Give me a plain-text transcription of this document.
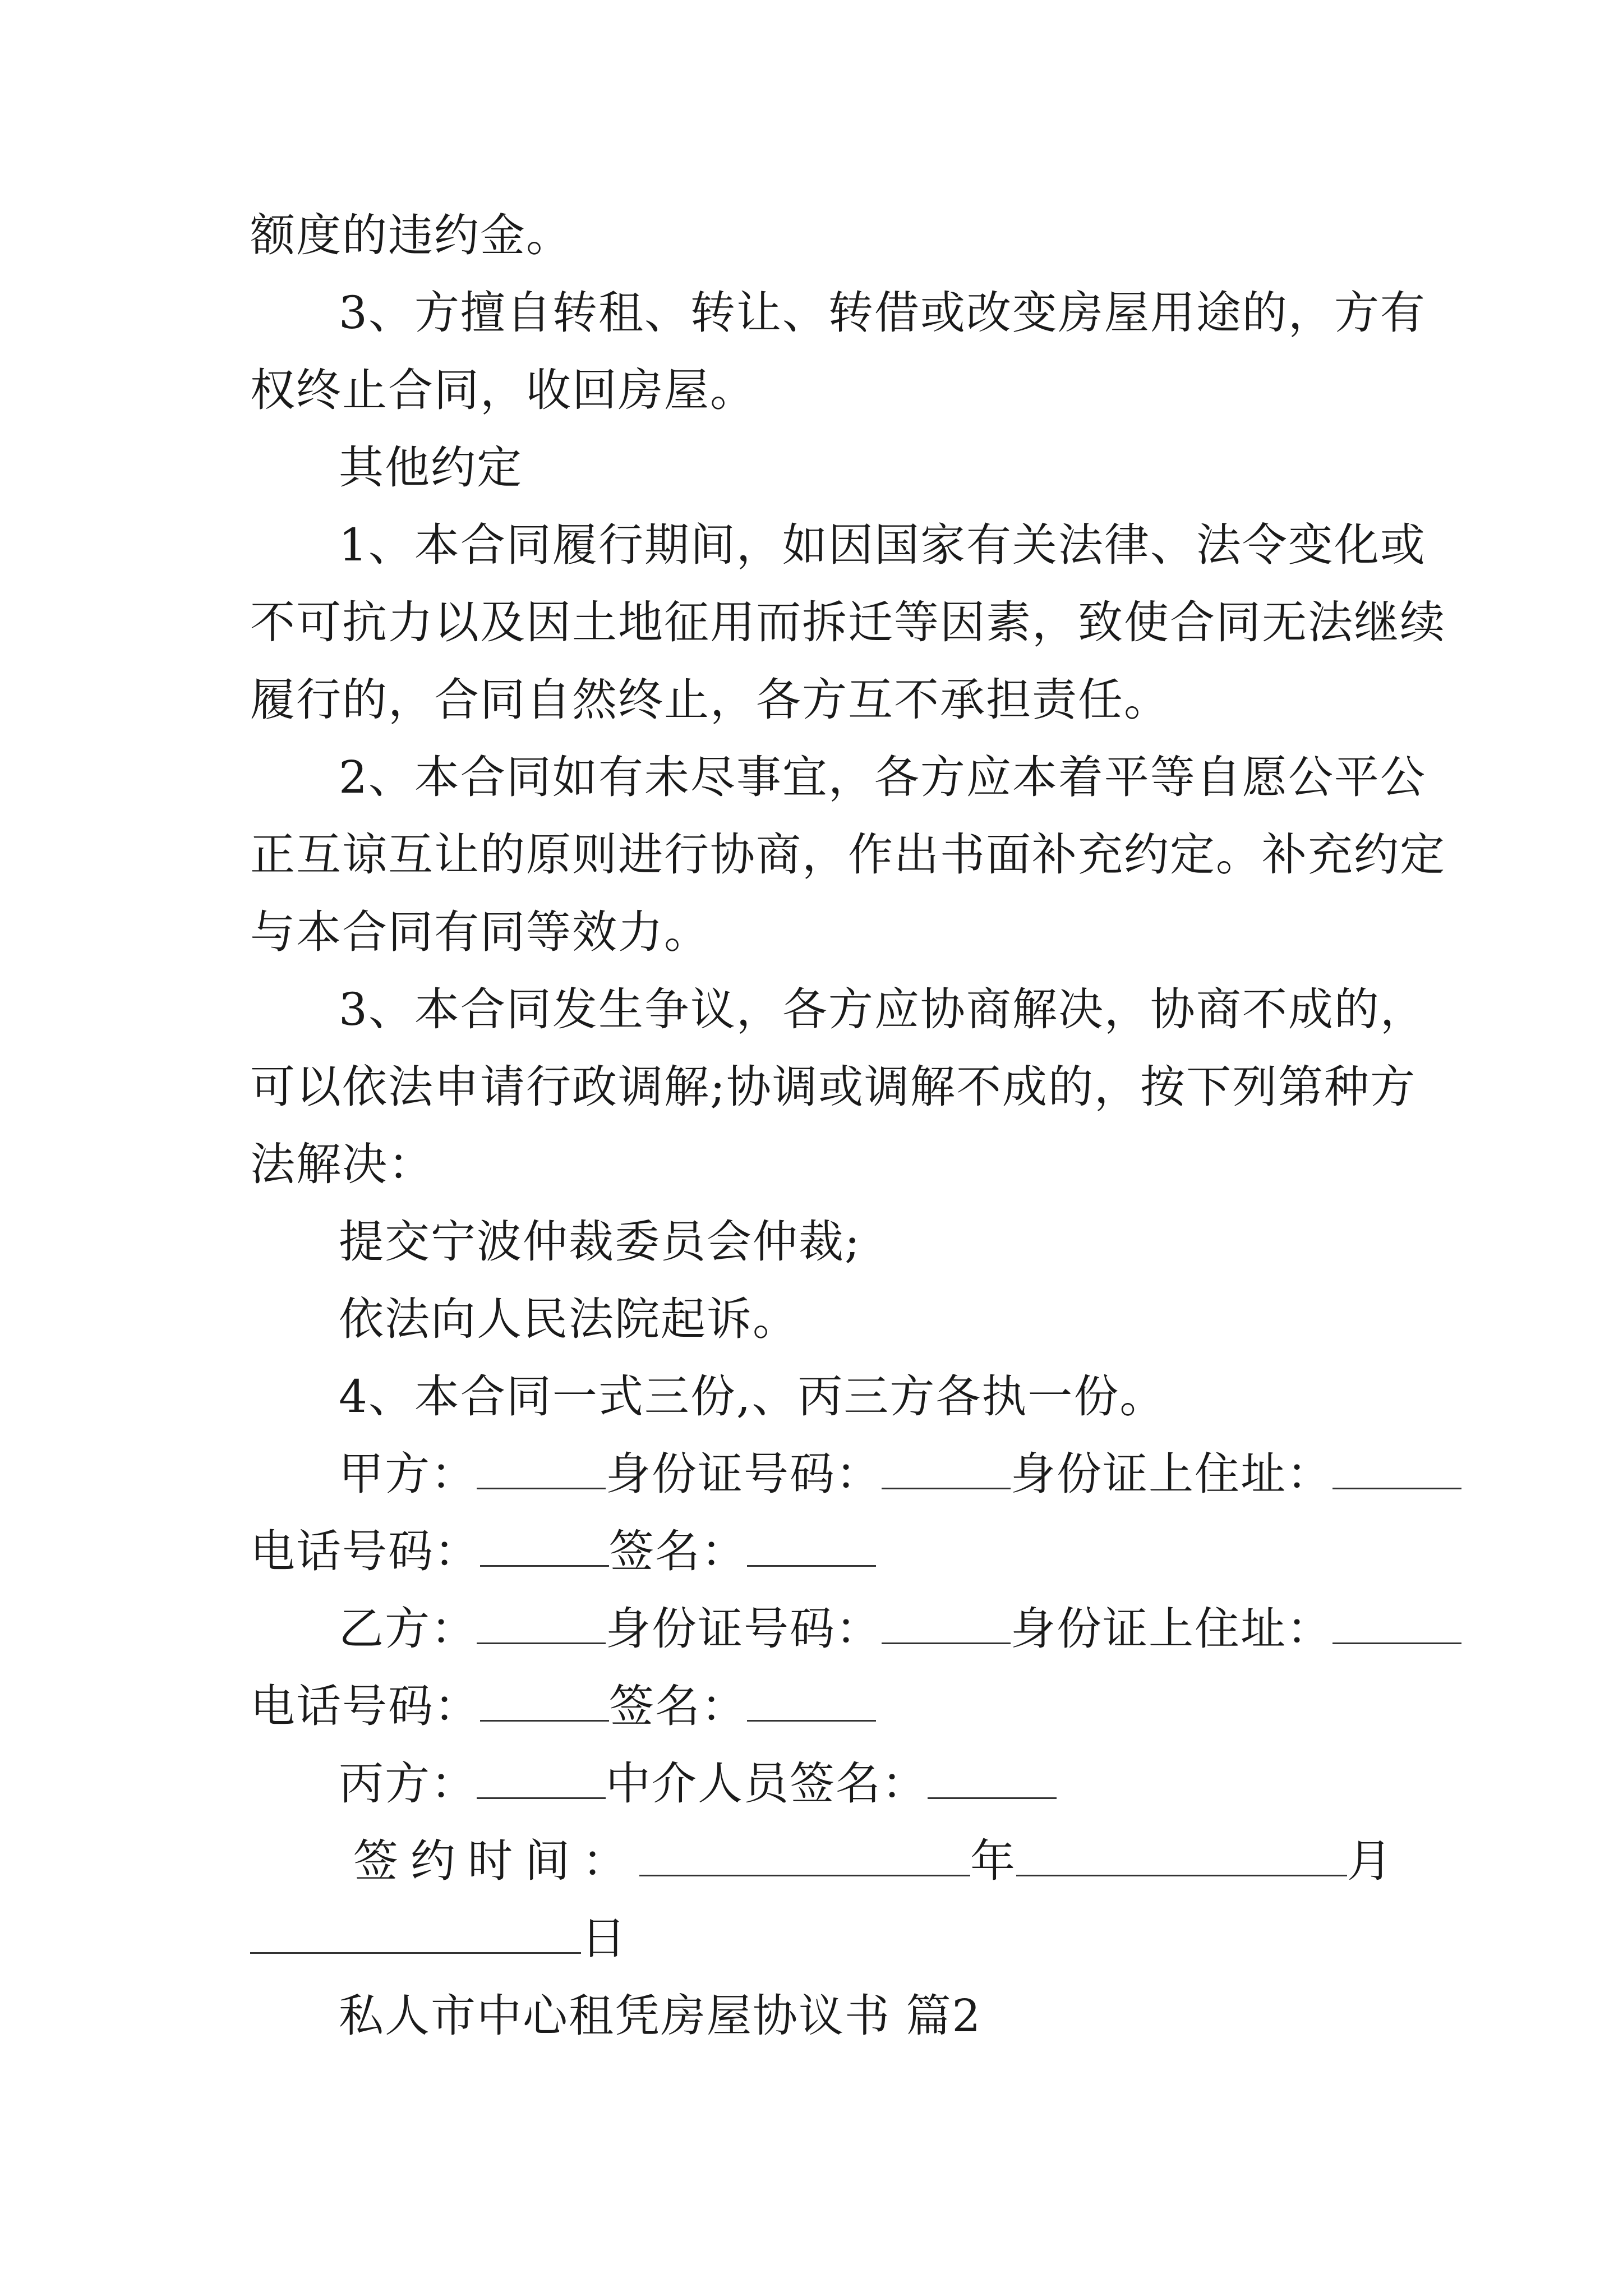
额度的违约金。
3、方擅自转租、转让、转借或改变房屋用途的，方有
权终止合同，收回房屋。
其他约定
1、本合同履行期间，如因国家有关法律、法令变化或
不可抗力以及因土地征用而拆迁等因素，致使合同无法继续
履行的，合同自然终止，各方互不承担责任。
2、本合同如有未尽事宜，各方应本着平等自愿公平公
正互谅互让的原则进行协商，作出书面补充约定。补充约定
与本合同有同等效力。
3、本合同发生争议，各方应协商解决，协商不成的，
可以依法申请行政调解;协调或调解不成的，按下列第种方
法解决：
提交宁波仲裁委员会仲裁;
依法向人民法院起诉。
4、本合同一式三份,、丙三方各执一份。
甲方：	身份证号码：	身份证上住址：
电话号码：	签名：
乙方：	身份证号码：	身份证上住址：
电话号码：	签名：
丙方：	中介人员签名：
签约时间：	年	月
日
私人市中心租凭房屋协议书 篇2
